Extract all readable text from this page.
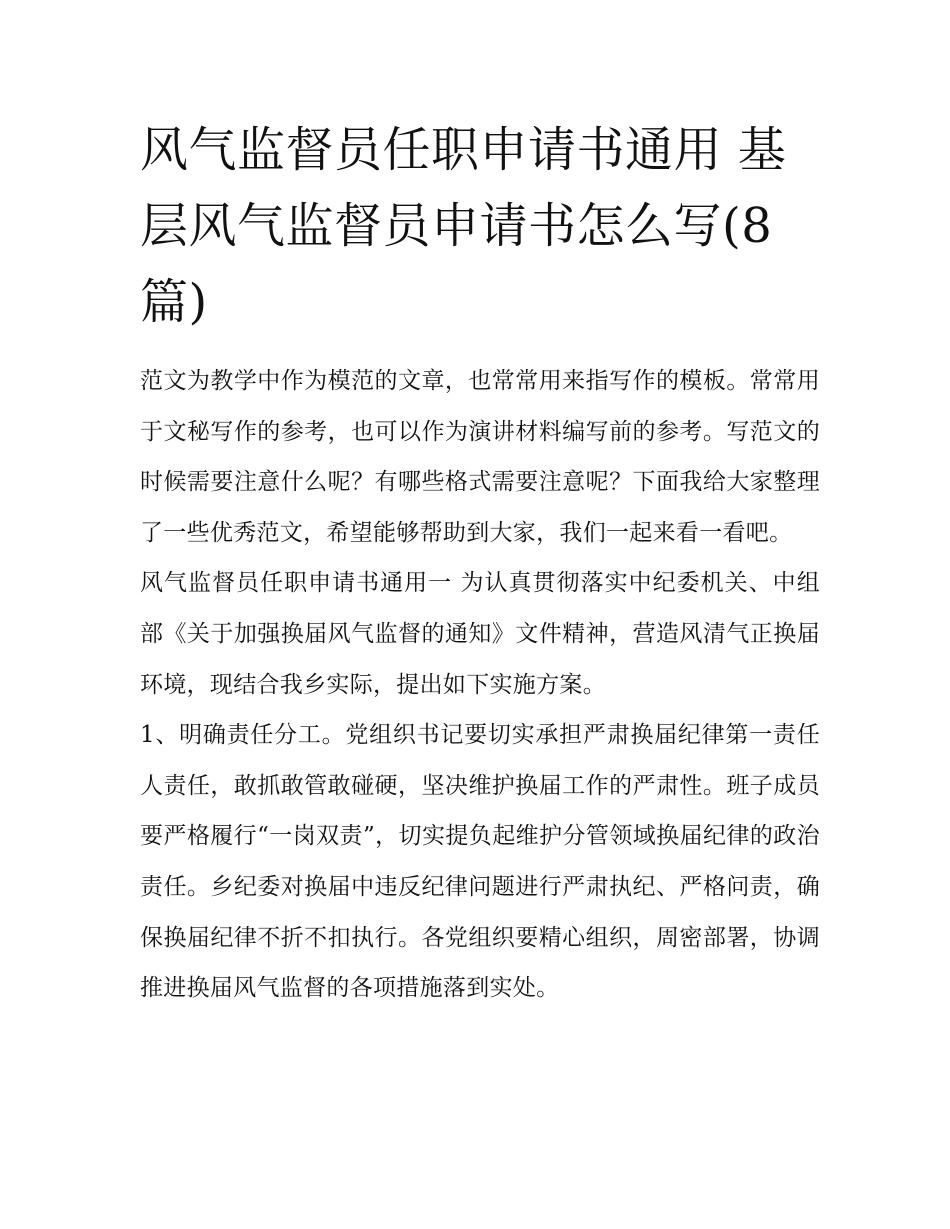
风气监督员任职申请书通用 基层风气监督员申请书怎么写(8篇)

范文为教学中作为模范的文章，也常常用来指写作的模板。常常用于文秘写作的参考，也可以作为演讲材料编写前的参考。写范文的时候需要注意什么呢？有哪些格式需要注意呢？下面我给大家整理了一些优秀范文，希望能够帮助到大家，我们一起来看一看吧。

风气监督员任职申请书通用一 为认真贯彻落实中纪委机关、中组部《关于加强换届风气监督的通知》文件精神，营造风清气正换届环境，现结合我乡实际，提出如下实施方案。

1、明确责任分工。党组织书记要切实承担严肃换届纪律第一责任人责任，敢抓敢管敢碰硬，坚决维护换届工作的严肃性。班子成员要严格履行“一岗双责”，切实提负起维护分管领域换届纪律的政治责任。乡纪委对换届中违反纪律问题进行严肃执纪、严格问责，确保换届纪律不折不扣执行。各党组织要精心组织，周密部署，协调推进换届风气监督的各项措施落到实处。
